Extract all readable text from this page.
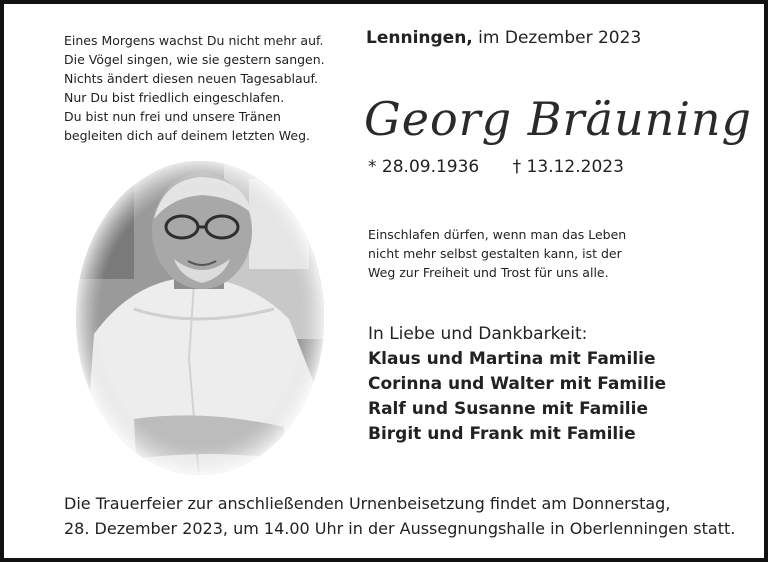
Eines Morgens wachst Du nicht mehr auf.
Die Vögel singen, wie sie gestern sangen.
Nichts ändert diesen neuen Tagesablauf.
Nur Du bist friedlich eingeschlafen.
Du bist nun frei und unsere Tränen
begleiten dich auf deinem letzten Weg.
Lenningen, im Dezember 2023
Georg Bräuning
* 28.09.1936 † 13.12.2023
Einschlafen dürfen, wenn man das Leben
nicht mehr selbst gestalten kann, ist der
Weg zur Freiheit und Trost für uns alle.
In Liebe und Dankbarkeit:
Klaus und Martina mit Familie
Corinna und Walter mit Familie
Ralf und Susanne mit Familie
Birgit und Frank mit Familie
Die Trauerfeier zur anschließenden Urnenbeisetzung findet am Donnerstag,
28. Dezember 2023, um 14.00 Uhr in der Aussegnungshalle in Oberlenningen statt.
